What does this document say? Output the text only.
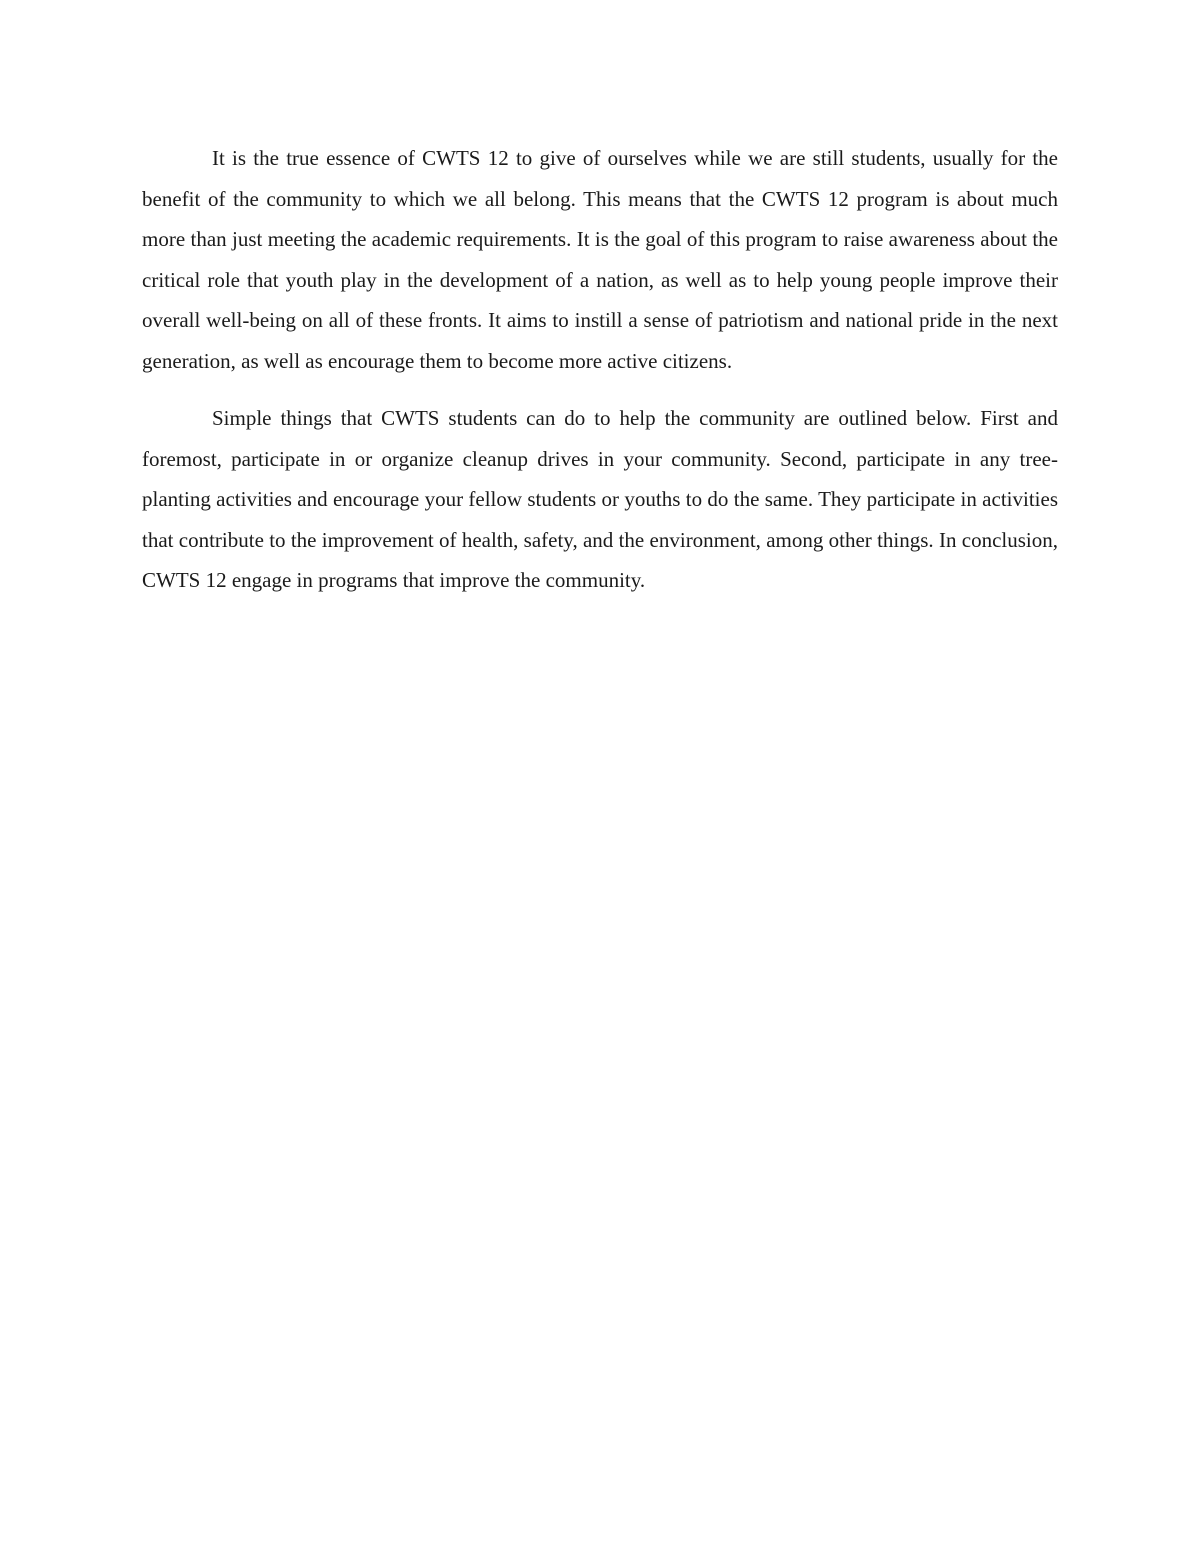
It is the true essence of CWTS 12 to give of ourselves while we are still students, usually for the benefit of the community to which we all belong. This means that the CWTS 12 program is about much more than just meeting the academic requirements. It is the goal of this program to raise awareness about the critical role that youth play in the development of a nation, as well as to help young people improve their overall well-being on all of these fronts. It aims to instill a sense of patriotism and national pride in the next generation, as well as encourage them to become more active citizens.

Simple things that CWTS students can do to help the community are outlined below. First and foremost, participate in or organize cleanup drives in your community. Second, participate in any tree-planting activities and encourage your fellow students or youths to do the same. They participate in activities that contribute to the improvement of health, safety, and the environment, among other things. In conclusion, CWTS 12 engage in programs that improve the community.
